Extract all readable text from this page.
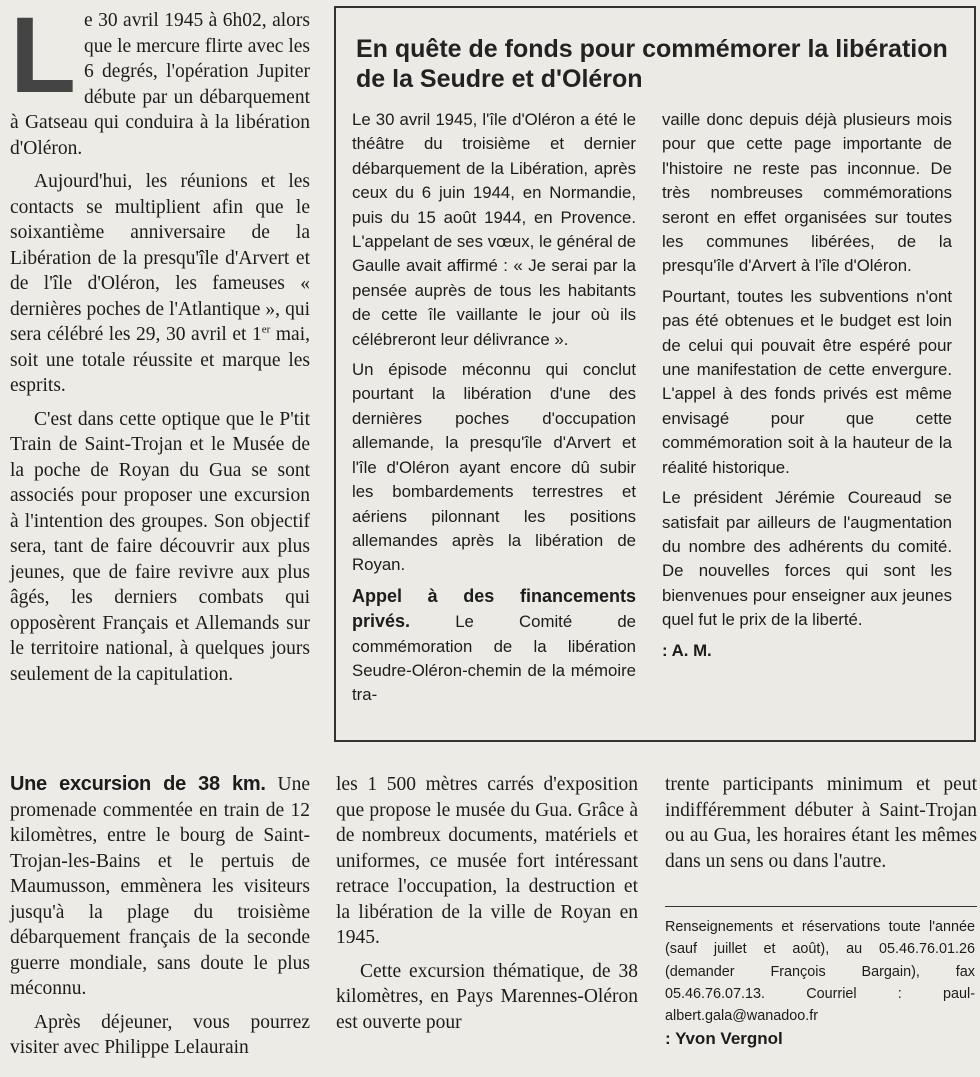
L e 30 avril 1945 à 6h02, alors que le mercure flirte avec les 6 degrés, l'opération Jupiter débute par un débarquement à Gatseau qui conduira à la libération d'Oléron.

Aujourd'hui, les réunions et les contacts se multiplient afin que le soixantième anniversaire de la Libération de la presqu'île d'Arvert et de l'île d'Oléron, les fameuses « dernières poches de l'Atlantique », qui sera célébré les 29, 30 avril et 1er mai, soit une totale réussite et marque les esprits.

C'est dans cette optique que le P'tit Train de Saint-Trojan et le Musée de la poche de Royan du Gua se sont associés pour proposer une excursion à l'intention des groupes. Son objectif sera, tant de faire découvrir aux plus jeunes, que de faire revivre aux plus âgés, les derniers combats qui opposèrent Français et Allemands sur le territoire national, à quelques jours seulement de la capitulation.

En quête de fonds pour commémorer la libération de la Seudre et d'Oléron

Le 30 avril 1945, l'île d'Oléron a été le théâtre du troisième et dernier débarquement de la Libération, après ceux du 6 juin 1944, en Normandie, puis du 15 août 1944, en Provence. L'appelant de ses vœux, le général de Gaulle avait affirmé : « Je serai par la pensée auprès de tous les habitants de cette île vaillante le jour où ils célébreront leur délivrance ».

Un épisode méconnu qui conclut pourtant la libération d'une des dernières poches d'occupation allemande, la presqu'île d'Arvert et l'île d'Oléron ayant encore dû subir les bombardements terrestres et aériens pilonnant les positions allemandes après la libération de Royan.

Appel à des financements privés. Le Comité de commémoration de la libération Seudre-Oléron-chemin de la mémoire tra-

vaille donc depuis déjà plusieurs mois pour que cette page importante de l'histoire ne reste pas inconnue. De très nombreuses commémorations seront en effet organisées sur toutes les communes libérées, de la presqu'île d'Arvert à l'île d'Oléron.

Pourtant, toutes les subventions n'ont pas été obtenues et le budget est loin de celui qui pouvait être espéré pour une manifestation de cette envergure. L'appel à des fonds privés est même envisagé pour que cette commémoration soit à la hauteur de la réalité historique.

Le président Jérémie Coureaud se satisfait par ailleurs de l'augmentation du nombre des adhérents du comité. De nouvelles forces qui sont les bienvenues pour enseigner aux jeunes quel fut le prix de la liberté.

: A. M.

Une excursion de 38 km. Une promenade commentée en train de 12 kilomètres, entre le bourg de Saint-Trojan-les-Bains et le pertuis de Maumusson, emmènera les visiteurs jusqu'à la plage du troisième débarquement français de la seconde guerre mondiale, sans doute le plus méconnu.

Après déjeuner, vous pourrez visiter avec Philippe Lelaurain

les 1 500 mètres carrés d'exposition que propose le musée du Gua. Grâce à de nombreux documents, matériels et uniformes, ce musée fort intéressant retrace l'occupation, la destruction et la libération de la ville de Royan en 1945.

Cette excursion thématique, de 38 kilomètres, en Pays Marennes-Oléron est ouverte pour

trente participants minimum et peut indifféremment débuter à Saint-Trojan ou au Gua, les horaires étant les mêmes dans un sens ou dans l'autre.

Renseignements et réservations toute l'année (sauf juillet et août), au 05.46.76.01.26 (demander François Bargain), fax 05.46.76.07.13. Courriel : paul-albert.gala@wanadoo.fr

: Yvon Vergnol
